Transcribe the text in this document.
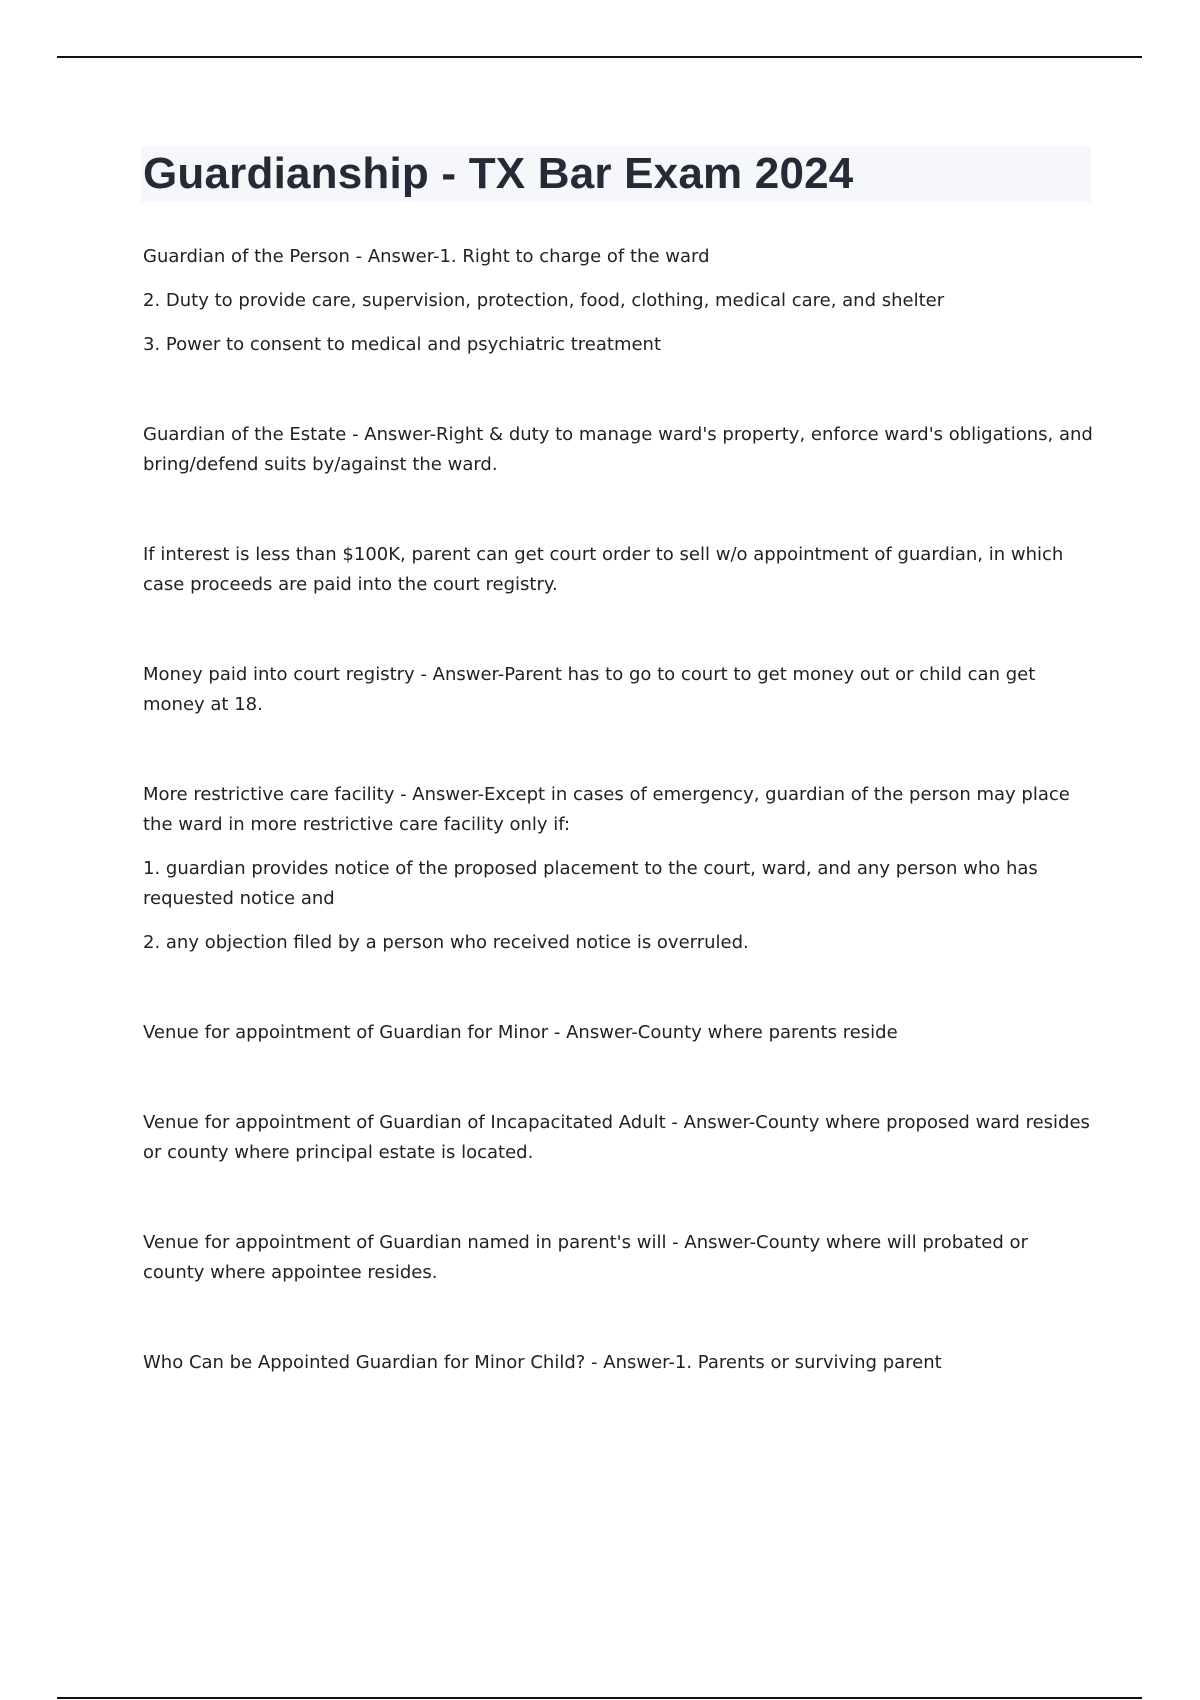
Guardianship - TX Bar Exam 2024

Guardian of the Person - Answer-1. Right to charge of the ward

2. Duty to provide care, supervision, protection, food, clothing, medical care, and shelter

3. Power to consent to medical and psychiatric treatment

Guardian of the Estate - Answer-Right & duty to manage ward's property, enforce ward's obligations, and bring/defend suits by/against the ward.

If interest is less than $100K, parent can get court order to sell w/o appointment of guardian, in which case proceeds are paid into the court registry.

Money paid into court registry - Answer-Parent has to go to court to get money out or child can get money at 18.

More restrictive care facility - Answer-Except in cases of emergency, guardian of the person may place the ward in more restrictive care facility only if:

1. guardian provides notice of the proposed placement to the court, ward, and any person who has requested notice and

2. any objection filed by a person who received notice is overruled.

Venue for appointment of Guardian for Minor - Answer-County where parents reside

Venue for appointment of Guardian of Incapacitated Adult - Answer-County where proposed ward resides or county where principal estate is located.

Venue for appointment of Guardian named in parent's will - Answer-County where will probated or county where appointee resides.

Who Can be Appointed Guardian for Minor Child? - Answer-1. Parents or surviving parent
